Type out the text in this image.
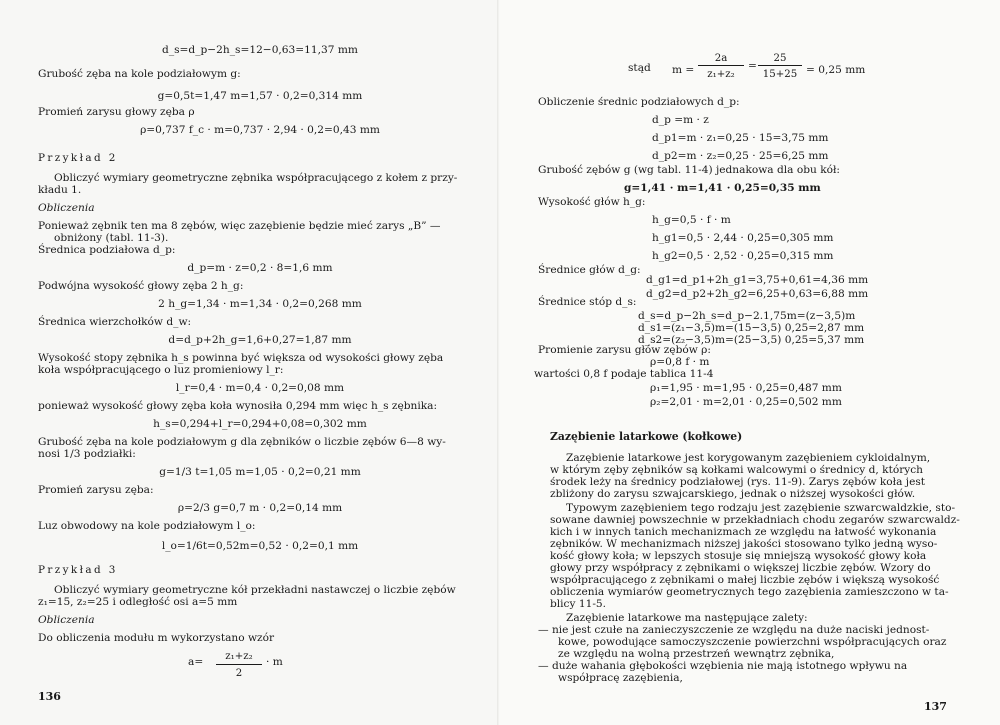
d_s=d_p−2h_s=12−0,63=11,37 mm
Grubość zęba na kole podziałowym g:
g=0,5t=1,47 m=1,57 · 0,2=0,314 mm
Promień zarysu głowy zęba ρ
ρ=0,737 f_c · m=0,737 · 2,94 · 0,2=0,43 mm
Przykład 2
Obliczyć wymiary geometryczne zębnika współpracującego z kołem z przy-
kładu 1.
Obliczenia
Ponieważ zębnik ten ma 8 zębów, więc zazębienie będzie mieć zarys „B” —
obniżony (tabl. 11-3).
Średnica podziałowa d_p:
d_p=m · z=0,2 · 8=1,6 mm
Podwójna wysokość głowy zęba 2 h_g:
2 h_g=1,34 · m=1,34 · 0,2=0,268 mm
Średnica wierzchołków d_w:
d=d_p+2h_g=1,6+0,27=1,87 mm
Wysokość stopy zębnika h_s powinna być większa od wysokości głowy zęba
koła współpracującego o luz promieniowy l_r:
l_r=0,4 · m=0,4 · 0,2=0,08 mm
ponieważ wysokość głowy zęba koła wynosiła 0,294 mm więc h_s zębnika:
h_s=0,294+l_r=0,294+0,08=0,302 mm
Grubość zęba na kole podziałowym g dla zębników o liczbie zębów 6—8 wy-
nosi 1/3 podziałki:
g=1/3 t=1,05 m=1,05 · 0,2=0,21 mm
Promień zarysu zęba:
ρ=2/3 g=0,7 m · 0,2=0,14 mm
Luz obwodowy na kole podziałowym l_o:
l_o=1/6t=0,52m=0,52 · 0,2=0,1 mm
Przykład 3
Obliczyć wymiary geometryczne kół przekładni nastawczej o liczbie zębów
z₁=15, z₂=25 i odległość osi a=5 mm
Obliczenia
Do obliczenia modułu m wykorzystano wzór
a=	z₁+z₂
2
· m
136
stąd m =
2a
z₁+z₂
=
25
15+25 = 0,25 mm
Obliczenie średnic podziałowych d_p:
d_p =m · z
d_p1=m · z₁=0,25 · 15=3,75 mm
d_p2=m · z₂=0,25 · 25=6,25 mm
Grubość zębów g (wg tabl. 11-4) jednakowa dla obu kół:
g=1,41 · m=1,41 · 0,25=0,35 mm
Wysokość głów h_g:
h_g=0,5 · f · m
h_g1=0,5 · 2,44 · 0,25=0,305 mm
h_g2=0,5 · 2,52 · 0,25=0,315 mm
Średnice głów d_g:
d_g1=d_p1+2h_g1=3,75+0,61=4,36 mm
d_g2=d_p2+2h_g2=6,25+0,63=6,88 mm
Średnice stóp d_s:
d_s=d_p−2h_s=d_p−2.1,75m=(z−3,5)m
d_s1=(z₁−3,5)m=(15−3,5) 0,25=2,87 mm
d_s2=(z₂−3,5)m=(25−3,5) 0,25=5,37 mm
Promienie zarysu głów zębów ρ:
ρ=0,8 f · m
wartości 0,8 f podaje tablica 11-4
ρ₁=1,95 · m=1,95 · 0,25=0,487 mm
ρ₂=2,01 · m=2,01 · 0,25=0,502 mm
Zazębienie latarkowe (kołkowe)
Zazębienie latarkowe jest korygowanym zazębieniem cykloidalnym,
w którym zęby zębników są kołkami walcowymi o średnicy d, których
środek leży na średnicy podziałowej (rys. 11-9). Zarys zębów koła jest
zbliżony do zarysu szwajcarskiego, jednak o niższej wysokości głów.
Typowym zazębieniem tego rodzaju jest zazębienie szwarcwaldzkie, sto-
sowane dawniej powszechnie w przekładniach chodu zegarów szwarcwaldz-
kich i w innych tanich mechanizmach ze względu na łatwość wykonania
zębników. W mechanizmach niższej jakości stosowano tylko jedną wyso-
kość głowy koła; w lepszych stosuje się mniejszą wysokość głowy koła
głowy przy współpracy z zębnikami o większej liczbie zębów. Wzory do
współpracującego z zębnikami o małej liczbie zębów i większą wysokość
obliczenia wymiarów geometrycznych tego zazębienia zamieszczono w ta-
blicy 11-5.
Zazębienie latarkowe ma następujące zalety:
— nie jest czułe na zanieczyszczenie ze względu na duże naciski jednost-
kowe, powodujące samoczyszczenie powierzchni współpracujących oraz
ze względu na wolną przestrzeń wewnątrz zębnika,
— duże wahania głębokości wzębienia nie mają istotnego wpływu na
współpracę zazębienia,
137
